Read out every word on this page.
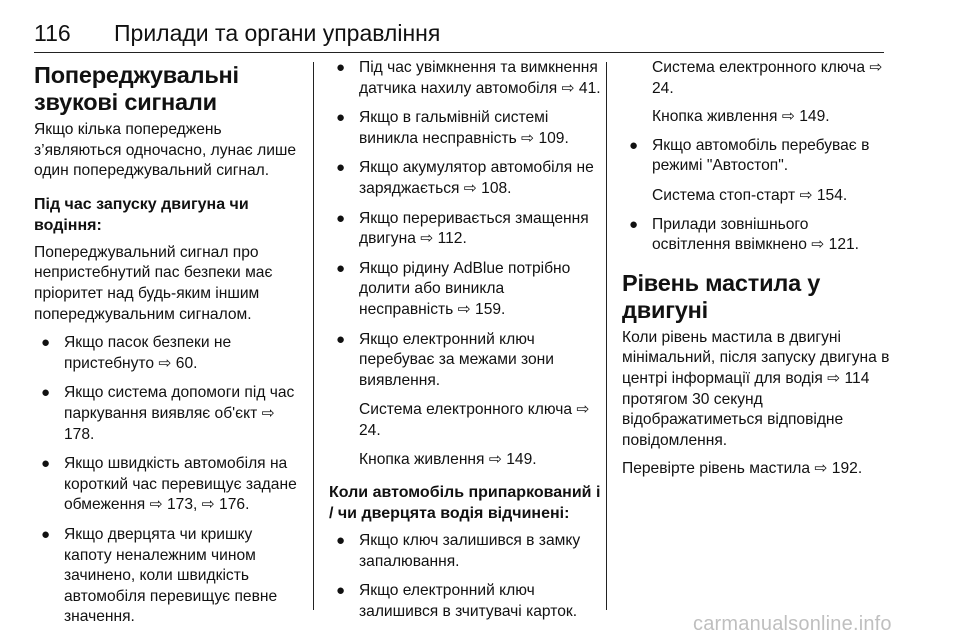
116 Прилади та органи управління
Попереджувальні звукові сигнали

Якщо кілька попереджень з’являються одночасно, лунає лише один попереджувальний сигнал.

Під час запуску двигуна чи водіння:

Попереджувальний сигнал про непристебнутий пас безпеки має пріоритет над будь-яким іншим попереджувальним сигналом.

● Якщо пасок безпеки не пристебнуто ⇨ 60.
● Якщо система допомоги під час паркування виявляє об'єкт ⇨ 178.
● Якщо швидкість автомобіля на короткий час перевищує задане обмеження ⇨ 173, ⇨ 176.
● Якщо дверцята чи кришку капоту неналежним чином зачинено, коли швидкість автомобіля перевищує певне значення.
● Під час увімкнення та вимкнення датчика нахилу автомобіля ⇨ 41.
● Якщо в гальмівній системі виникла несправність ⇨ 109.
● Якщо акумулятор автомобіля не заряджається ⇨ 108.
● Якщо переривається змащення двигуна ⇨ 112.
● Якщо рідину AdBlue потрібно долити або виникла несправність ⇨ 159.
● Якщо електронний ключ перебуває за межами зони виявлення.

Система електронного ключа ⇨ 24.

Кнопка живлення ⇨ 149.

Коли автомобіль припаркований і / чи дверцята водія відчинені:
● Якщо ключ залишився в замку запалювання.
● Якщо електронний ключ залишився в зчитувачі карток.

Система електронного ключа ⇨ 24.

Кнопка живлення ⇨ 149.

● Якщо автомобіль перебуває в режимі "Автостоп".

Система стоп-старт ⇨ 154.

● Прилади зовнішнього освітлення ввімкнено ⇨ 121.
Рівень мастила у двигуні

Коли рівень мастила в двигуні мінімальний, після запуску двигуна в центрі інформації для водія ⇨ 114 протягом 30 секунд відображатиметься відповідне повідомлення.

Перевірте рівень мастила ⇨ 192.

carmanualsonline.info
